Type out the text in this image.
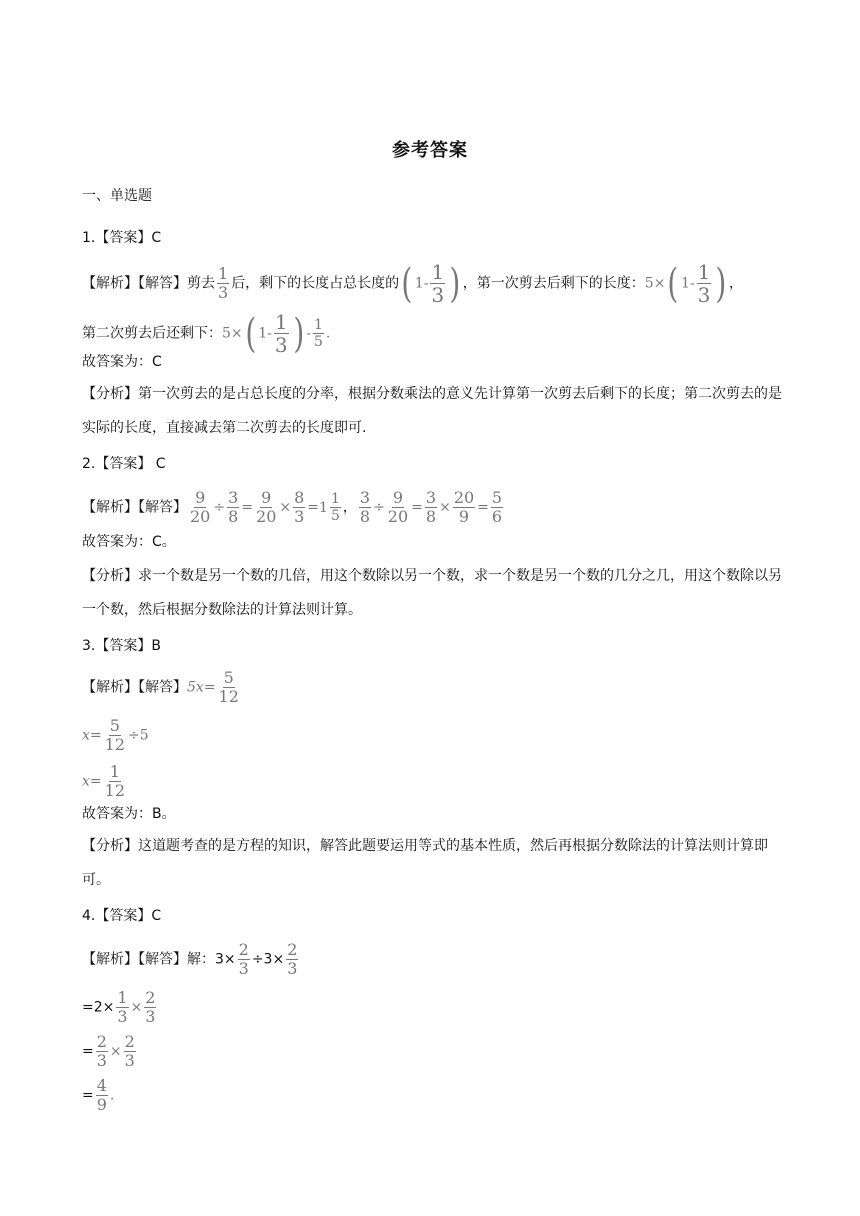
参考答案
一、单选题
1.【答案】C
【解析】【解答】剪去 $\frac{1}{3}$ 后，剩下的长度占总长度的( $1- \frac{1}{3}$ ) ，第一次剪去后剩下的长度：5×( $1- \frac{1}{3}$ ) ，
第二次剪去后还剩下：5×( $1- \frac{1}{3}$ ) - $\frac{1}{5}$ .
故答案为：C
【分析】第一次剪去的是占总长度的分率，根据分数乘法的意义先计算第一次剪去后剩下的长度；第二次剪去的是实际的长度，直接减去第二次剪去的长度即可.
2.【答案】 C
【解析】【解答】 $\frac{9}{20} \div \frac{3}{8} = \frac{9}{20} \times \frac{8}{3} = 1$
1
5
， $\frac{3}{8} \div \frac{9}{20} = \frac{3}{8} \times \frac{20}{9} = \frac{5}{6}$
故答案为：C。
【分析】求一个数是另一个数的几倍，用这个数除以另一个数，求一个数是另一个数的几分之几，用这个数除以另一个数，然后根据分数除法的计算法则计算。
3.【答案】B
【解析】【解答】$5x= \frac{5}{12}$
$x= \frac{5}{12} \div 5$
$x= \frac{1}{12}$
故答案为：B。
【分析】这道题考查的是方程的知识，解答此题要运用等式的基本性质，然后再根据分数除法的计算法则计算即可。
4.【答案】C
【解析】【解答】解：$3\times \frac{2}{3} \div 3\times \frac{2}{3}$
$=2\times \frac{1}{3} \times \frac{2}{3}$
= $\frac{2}{3} \times \frac{2}{3}$
= $\frac{4}{9}$ .
